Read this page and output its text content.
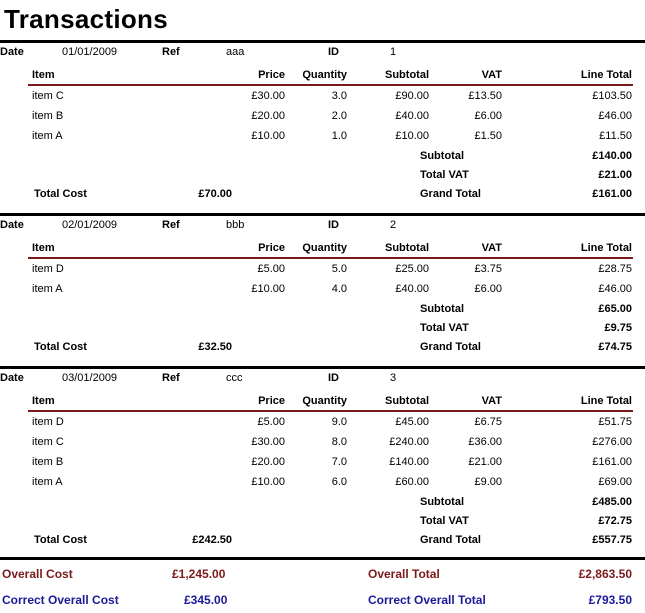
Transactions
Date	01/01/2009	Ref	aaa	ID	1
Item	Price	Quantity	Subtotal	VAT	Line Total
item C	£30.00	3.0	£90.00	£13.50	£103.50
item B	£20.00	2.0	£40.00	£6.00	£46.00
item A	£10.00	1.0	£10.00	£1.50	£11.50
Subtotal	£140.00
Total VAT	£21.00
Total Cost	£70.00	Grand Total	£161.00
Date	02/01/2009	Ref	bbb	ID	2
Item	Price	Quantity	Subtotal	VAT	Line Total
item D	£5.00	5.0	£25.00	£3.75	£28.75
item A	£10.00	4.0	£40.00	£6.00	£46.00
Subtotal	£65.00
Total VAT	£9.75
Total Cost	£32.50	Grand Total	£74.75
Date	03/01/2009	Ref	ccc	ID	3
Item	Price	Quantity	Subtotal	VAT	Line Total
item D	£5.00	9.0	£45.00	£6.75	£51.75
item C	£30.00	8.0	£240.00	£36.00	£276.00
item B	£20.00	7.0	£140.00	£21.00	£161.00
item A	£10.00	6.0	£60.00	£9.00	£69.00
Subtotal	£485.00
Total VAT	£72.75
Total Cost	£242.50	Grand Total	£557.75
Overall Cost	£1,245.00	Overall Total	£2,863.50
Correct Overall Cost	£345.00	Correct Overall Total	£793.50
